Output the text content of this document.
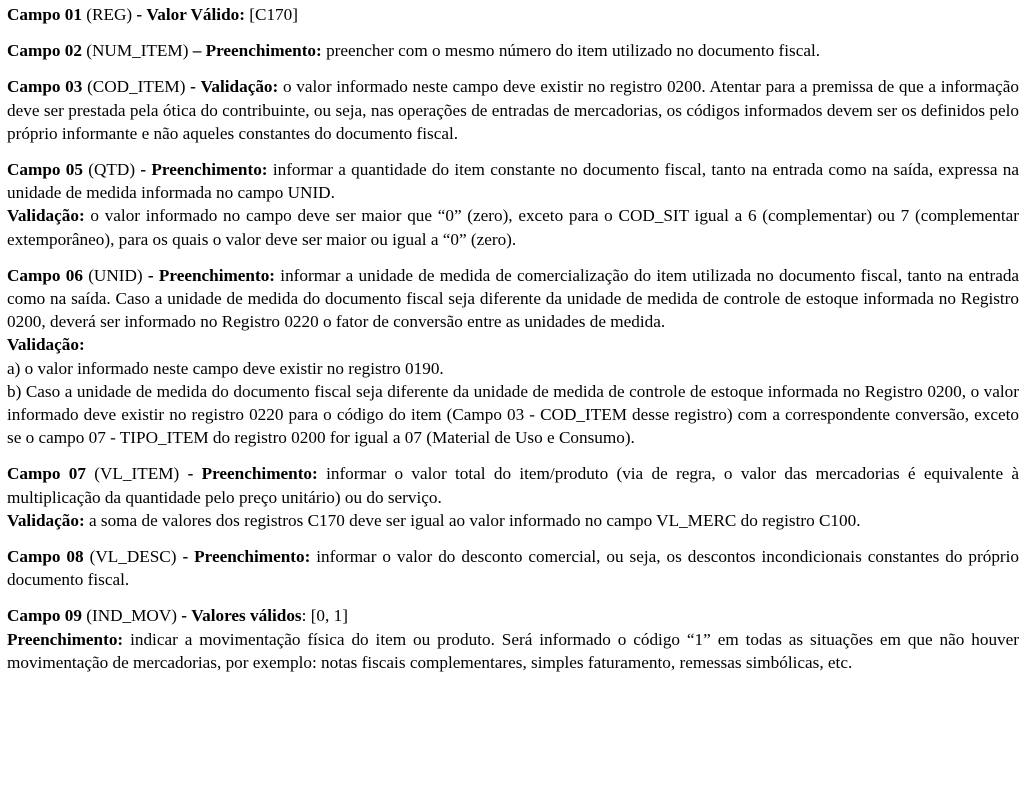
Campo 01 (REG) - Valor Válido: [C170]

Campo 02 (NUM_ITEM) – Preenchimento: preencher com o mesmo número do item utilizado no documento fiscal.

Campo 03 (COD_ITEM) - Validação: o valor informado neste campo deve existir no registro 0200. Atentar para a premissa de que a informação deve ser prestada pela ótica do contribuinte, ou seja, nas operações de entradas de mercadorias, os códigos informados devem ser os definidos pelo próprio informante e não aqueles constantes do documento fiscal.

Campo 05 (QTD) - Preenchimento: informar a quantidade do item constante no documento fiscal, tanto na entrada como na saída, expressa na unidade de medida informada no campo UNID.
Validação: o valor informado no campo deve ser maior que “0” (zero), exceto para o COD_SIT igual a 6 (complementar) ou 7 (complementar extemporâneo), para os quais o valor deve ser maior ou igual a “0” (zero).

Campo 06 (UNID) - Preenchimento: informar a unidade de medida de comercialização do item utilizada no documento fiscal, tanto na entrada como na saída. Caso a unidade de medida do documento fiscal seja diferente da unidade de medida de controle de estoque informada no Registro 0200, deverá ser informado no Registro 0220 o fator de conversão entre as unidades de medida.
Validação:
a) o valor informado neste campo deve existir no registro 0190.
b) Caso a unidade de medida do documento fiscal seja diferente da unidade de medida de controle de estoque informada no Registro 0200, o valor informado deve existir no registro 0220 para o código do item (Campo 03 - COD_ITEM desse registro) com a correspondente conversão, exceto se o campo 07 - TIPO_ITEM do registro 0200 for igual a 07 (Material de Uso e Consumo).

Campo 07 (VL_ITEM) - Preenchimento: informar o valor total do item/produto (via de regra, o valor das mercadorias é equivalente à multiplicação da quantidade pelo preço unitário) ou do serviço.
Validação: a soma de valores dos registros C170 deve ser igual ao valor informado no campo VL_MERC do registro C100.

Campo 08 (VL_DESC) - Preenchimento: informar o valor do desconto comercial, ou seja, os descontos incondicionais constantes do próprio documento fiscal.

Campo 09 (IND_MOV) - Valores válidos: [0, 1]
Preenchimento: indicar a movimentação física do item ou produto. Será informado o código “1” em todas as situações em que não houver movimentação de mercadorias, por exemplo: notas fiscais complementares, simples faturamento, remessas simbólicas, etc.
